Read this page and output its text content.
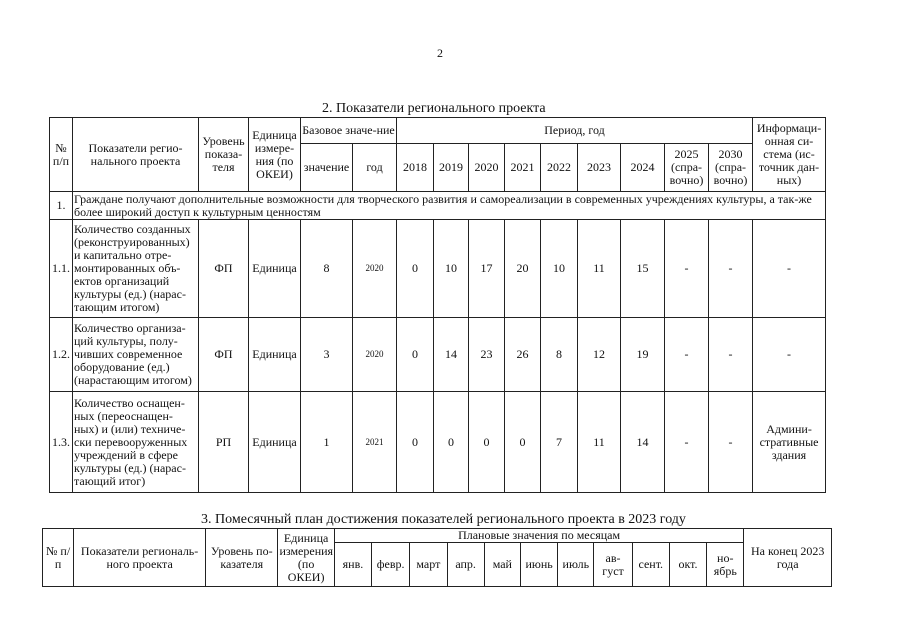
2
2. Показатели регионального проекта
№ п/п	Показатели регио-нального проекта	Уровень показа-теля	Единица измере-ния (по ОКЕИ)	Базовое значе-ние		Период, год									Информаци-онная си-стема (ис-точник дан-ных)
				значение	год	2018	2019	2020	2021	2022	2023	2024	2025 (спра-вочно)	2030 (спра-вочно)	
1.	Граждане получают дополнительные возможности для творческого развития и самореализации в современных учреждениях культуры, а так-же более широкий доступ к культурным ценностям														
1.1.	Количество созданных (реконструированных) и капитально отре-монтированных объ-ектов организаций культуры (ед.) (нарас-тающим итогом)	ФП	Единица	8	2020	0	10	17	20	10	11	15	-	-	-
1.2.	Количество организа-ций культуры, полу-чивших современное оборудование (ед.) (нарастающим итогом)	ФП	Единица	3	2020	0	14	23	26	8	12	19	-	-	-
1.3.	Количество оснащен-ных (переоснащен-ных) и (или) техниче-ски перевооруженных учреждений в сфере культуры (ед.) (нарас-тающий итог)	РП	Единица	1	2021	0	0	0	0	7	11	14	-	-	Админи-стративные здания
3. Помесячный план достижения показателей регионального проекта в 2023 году
№ п/п	Показатели региональ-ного проекта	Уровень по-казателя	Единица измерения (по ОКЕИ)	Плановые значения по месяцам											На конец 2023 года
				янв.	февр.	март	апр.	май	июнь	июль	ав-густ	сент.	окт.	но-ябрь	
